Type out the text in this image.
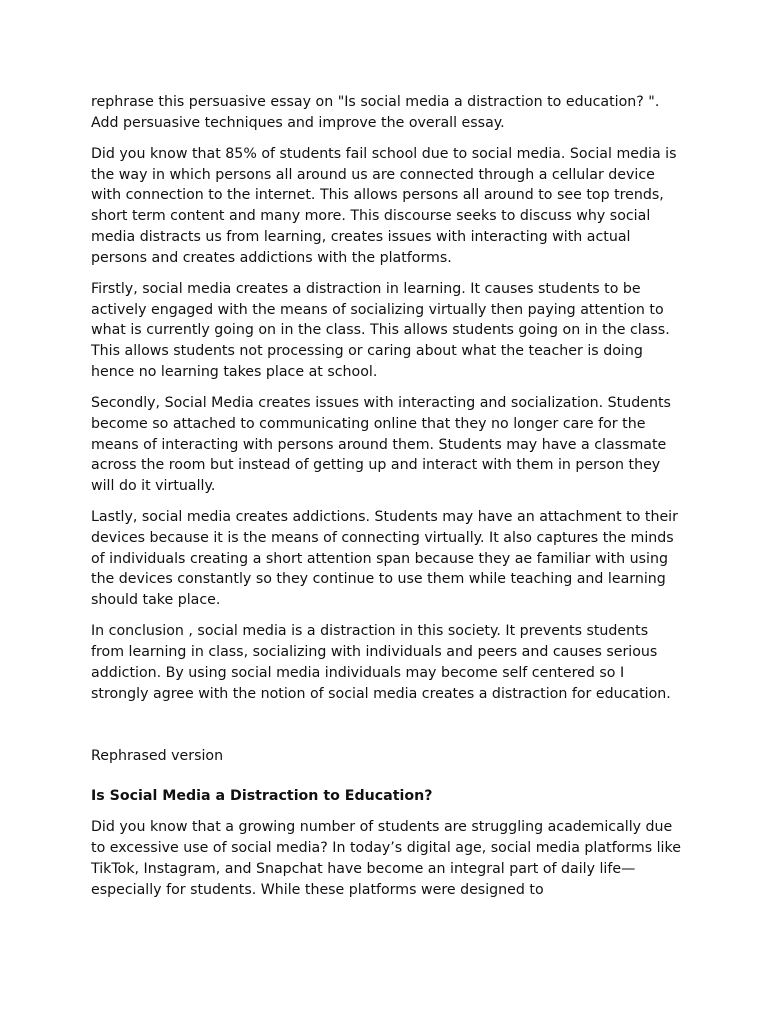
rephrase this persuasive essay on "Is social media a distraction to education? ". Add persuasive techniques and improve the overall essay.

Did you know that 85% of students fail school due to social media. Social media is the way in which persons all around us are connected through a cellular device with connection to the internet. This allows persons all around to see top trends, short term content and many more. This discourse seeks to discuss why social media distracts us from learning, creates issues with interacting with actual persons and creates addictions with the platforms.

Firstly, social media creates a distraction in learning. It causes students to be actively engaged with the means of socializing virtually then paying attention to what is currently going on in the class. This allows students going on in the class. This allows students not processing or caring about what the teacher is doing hence no learning takes place at school.

Secondly, Social Media creates issues with interacting and socialization. Students become so attached to communicating online that they no longer care for the means of interacting with persons around them. Students may have a classmate across the room but instead of getting up and interact with them in person they will do it virtually.

Lastly, social media creates addictions. Students may have an attachment to their devices because it is the means of connecting virtually. It also captures the minds of individuals creating a short attention span because they ae familiar with using the devices constantly so they continue to use them while teaching and learning should take place.

In conclusion , social media is a distraction in this society. It prevents students from learning in class, socializing with individuals and peers and causes serious addiction. By using social media individuals may become self centered so I strongly agree with the notion of social media creates a distraction for education.

Rephrased version

Is Social Media a Distraction to Education?

Did you know that a growing number of students are struggling academically due to excessive use of social media? In today’s digital age, social media platforms like TikTok, Instagram, and Snapchat have become an integral part of daily life—especially for students. While these platforms were designed to
